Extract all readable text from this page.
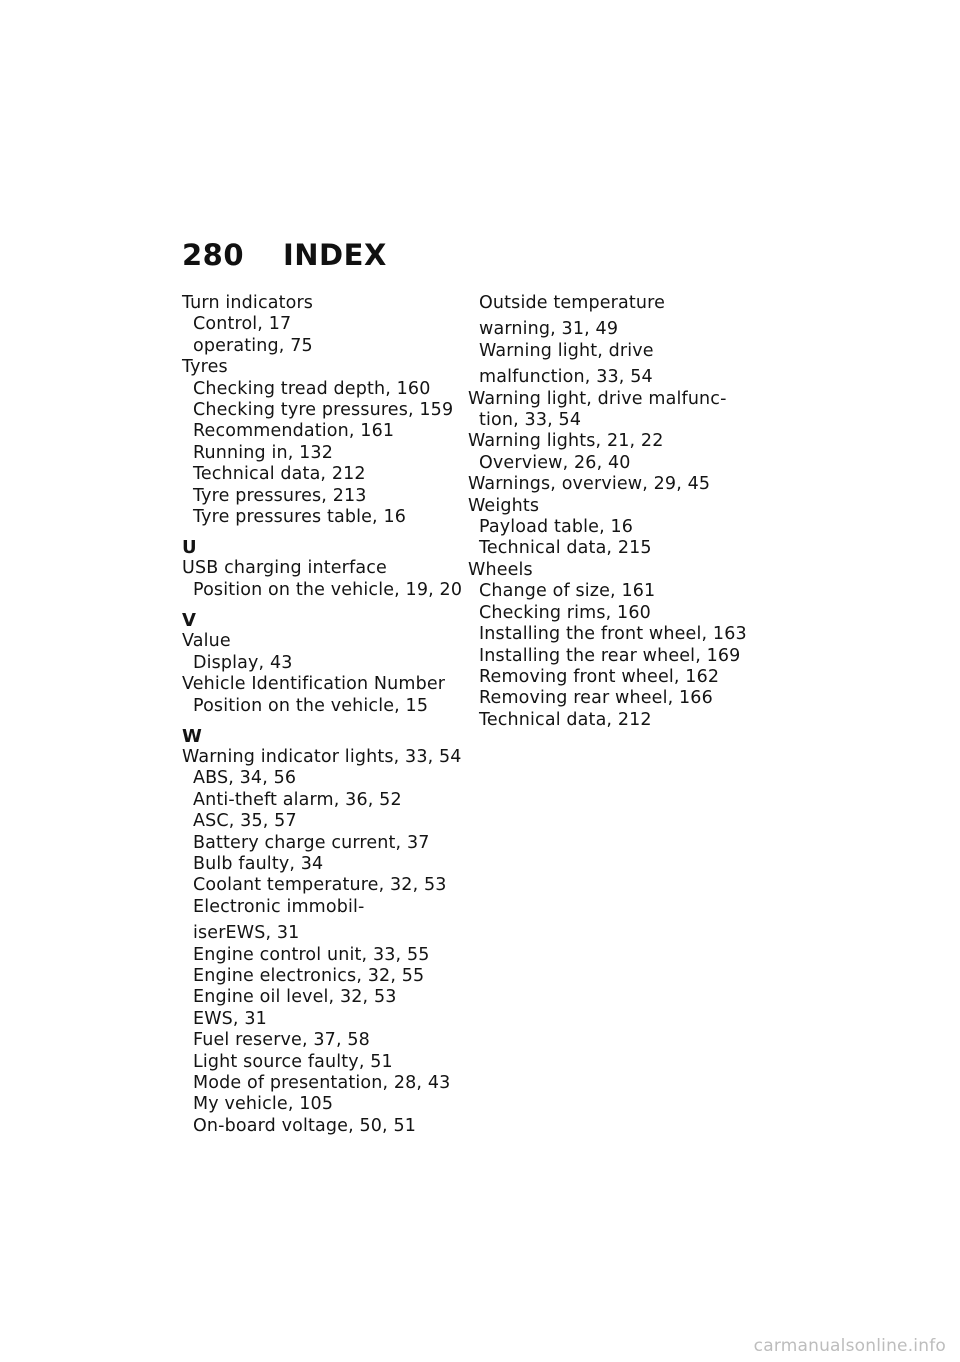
280	INDEX
Turn indicators
Control, 17
operating, 75
Tyres
Checking tread depth, 160
Checking tyre pressures, 159
Recommendation, 161
Running in, 132
Technical data, 212
Tyre pressures, 213
Tyre pressures table, 16
U
USB charging interface
Position on the vehicle, 19, 20
V
Value
Display, 43
Vehicle Identification Number
Position on the vehicle, 15
W
Warning indicator lights, 33, 54
ABS, 34, 56
Anti-theft alarm, 36, 52
ASC, 35, 57
Battery charge current, 37
Bulb faulty, 34
Coolant temperature, 32, 53
Electronic immobil-
iserEWS, 31
Engine control unit, 33, 55
Engine electronics, 32, 55
Engine oil level, 32, 53
EWS, 31
Fuel reserve, 37, 58
Light source faulty, 51
Mode of presentation, 28, 43
My vehicle, 105
On-board voltage, 50, 51
Outside temperature
warning, 31, 49
Warning light, drive
malfunction, 33, 54
Warning light, drive malfunc-
tion, 33, 54
Warning lights, 21, 22
Overview, 26, 40
Warnings, overview, 29, 45
Weights
Payload table, 16
Technical data, 215
Wheels
Change of size, 161
Checking rims, 160
Installing the front wheel, 163
Installing the rear wheel, 169
Removing front wheel, 162
Removing rear wheel, 166
Technical data, 212
carmanualsonline.info
